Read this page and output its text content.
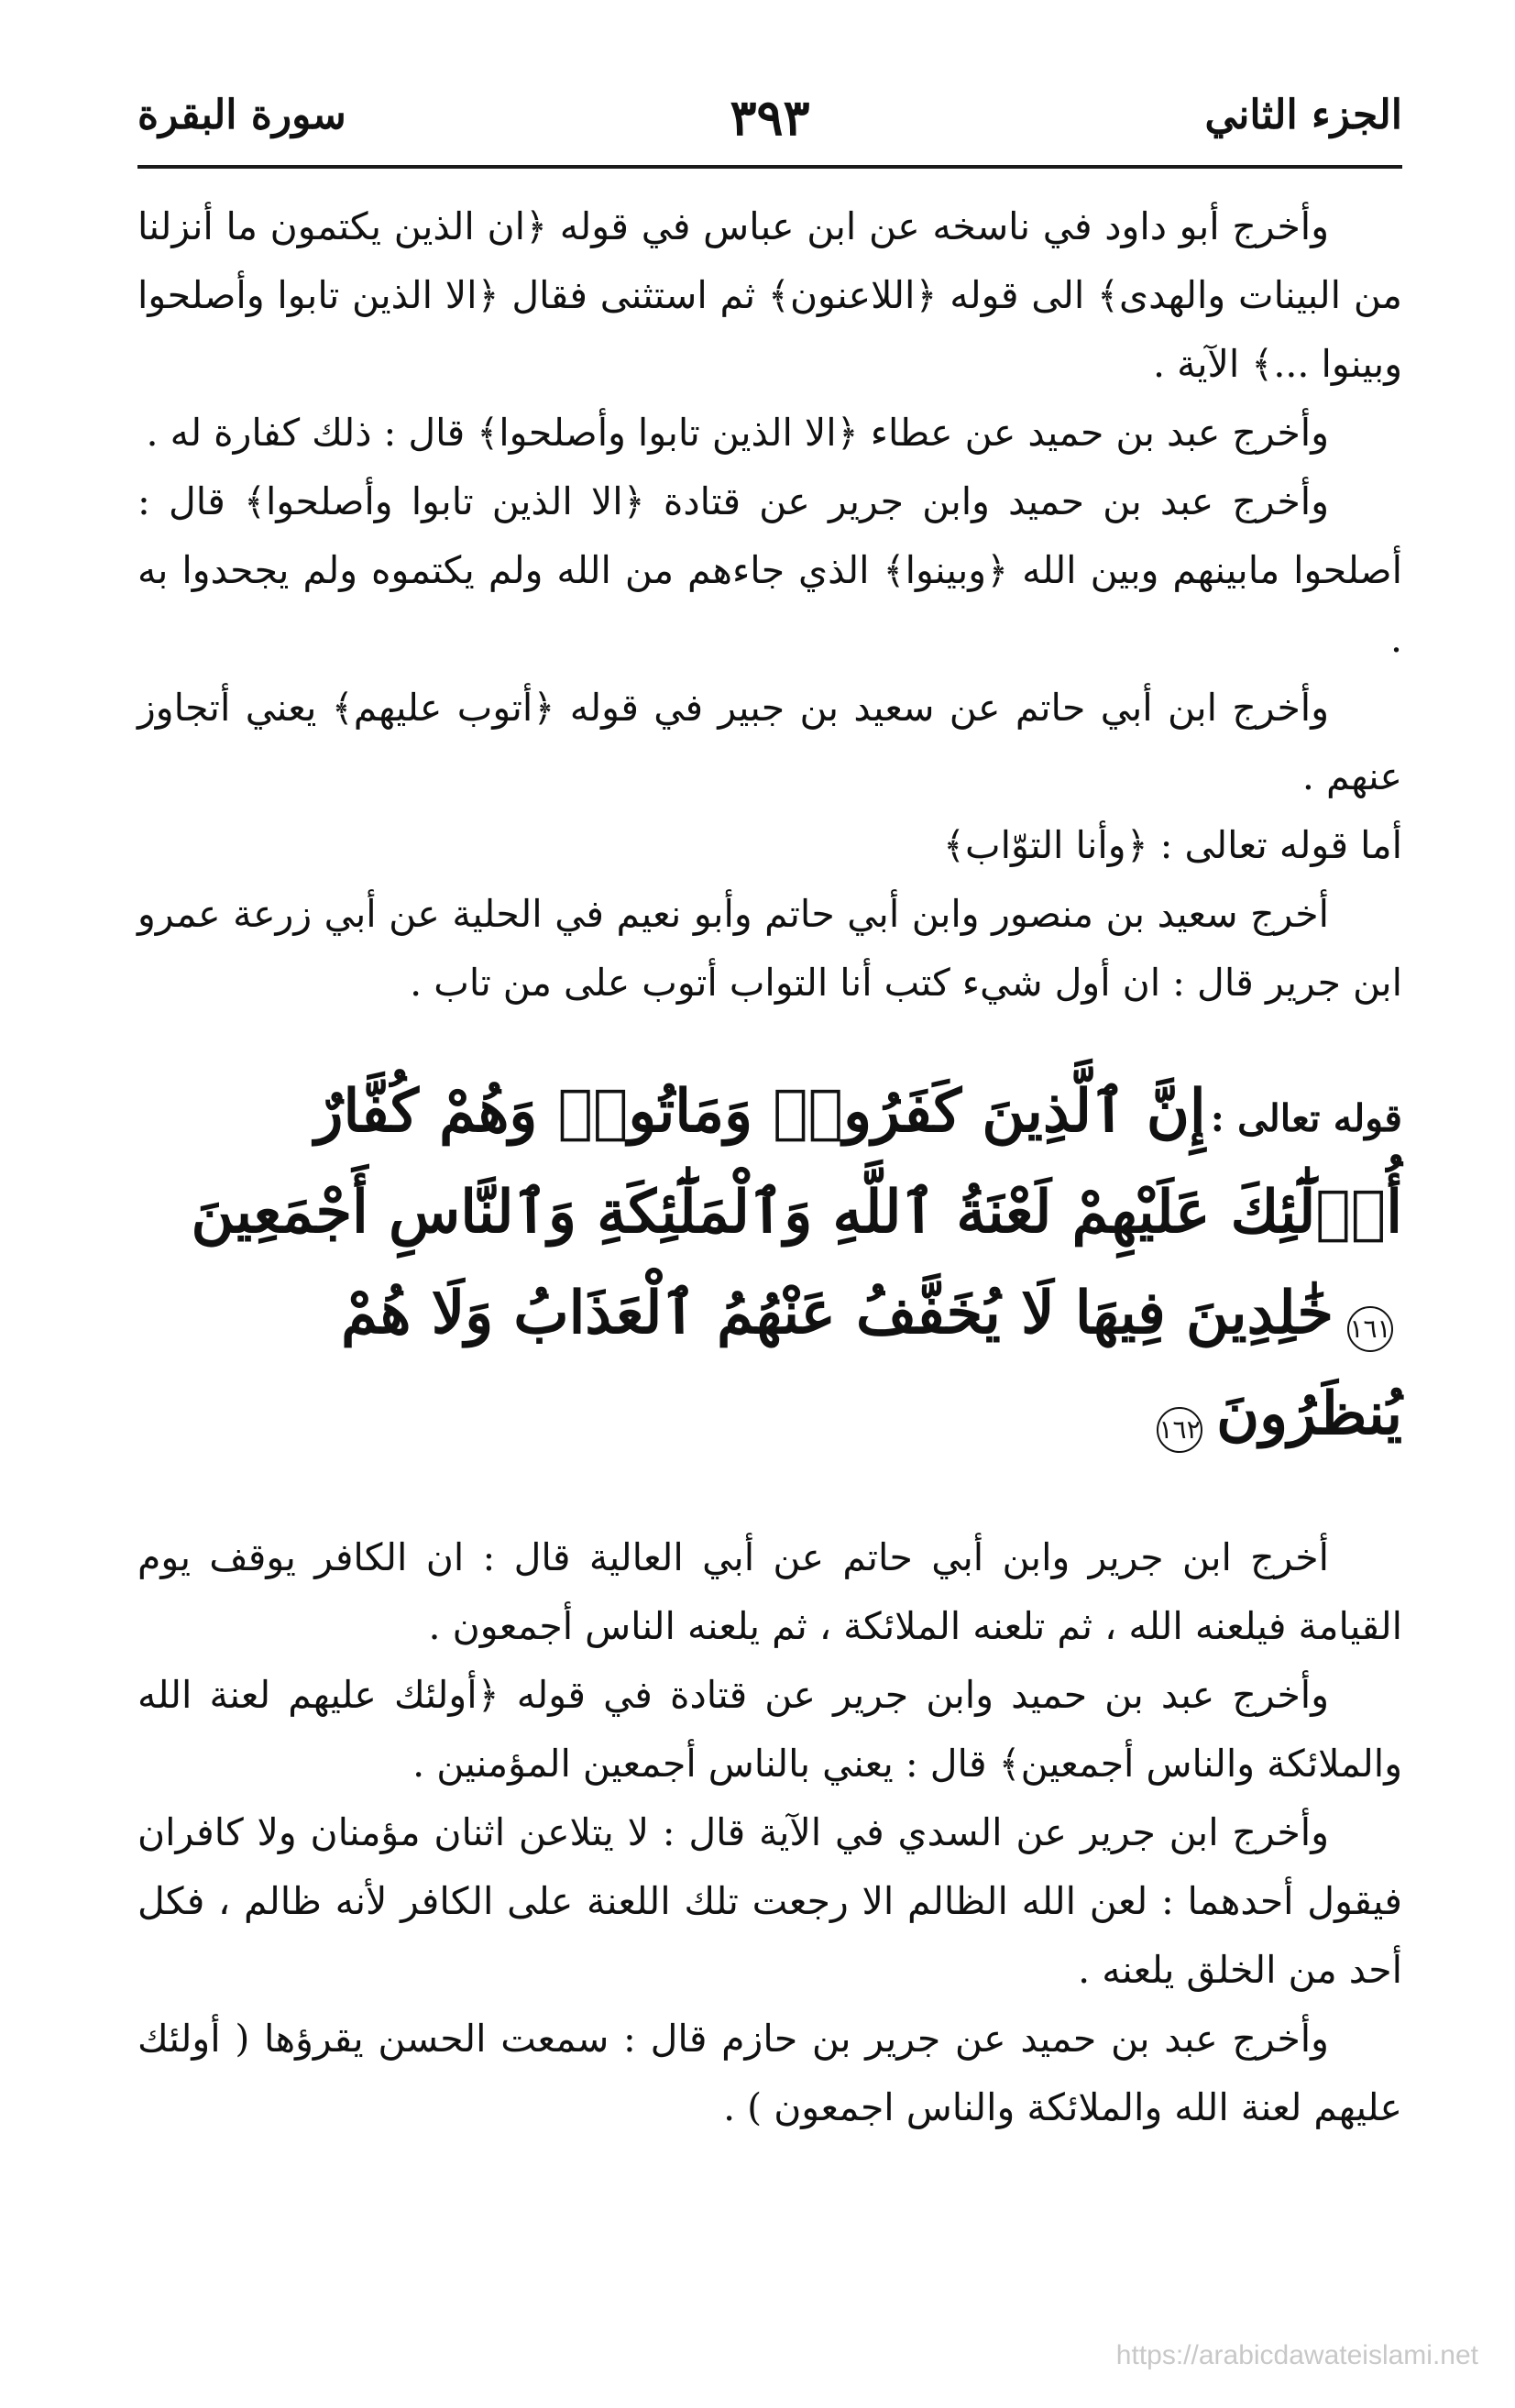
الجزء الثاني
٣٩٣
سورة البقرة

وأخرج أبو داود في ناسخه عن ابن عباس في قوله ﴿ان الذين يكتمون ما أنزلنا من البينات والهدى﴾ الى قوله ﴿اللاعنون﴾ ثم استثنى فقال ﴿الا الذين تابوا وأصلحوا وبينوا ...﴾ الآية .

وأخرج عبد بن حميد عن عطاء ﴿الا الذين تابوا وأصلحوا﴾ قال : ذلك كفارة له .

وأخرج عبد بن حميد وابن جرير عن قتادة ﴿الا الذين تابوا وأصلحوا﴾ قال : أصلحوا مابينهم وبين الله ﴿وبينوا﴾ الذي جاءهم من الله ولم يكتموه ولم يجحدوا به .

وأخرج ابن أبي حاتم عن سعيد بن جبير في قوله ﴿أتوب عليهم﴾ يعني أتجاوز عنهم .

أما قوله تعالى : ﴿وأنا التوّاب﴾

أخرج سعيد بن منصور وابن أبي حاتم وأبو نعيم في الحلية عن أبي زرعة عمرو ابن جرير قال : ان أول شيء كتب أنا التواب أتوب على من تاب .

قوله تعالى : إِنَّ ٱلَّذِينَ كَفَرُوا۟ وَمَاتُوا۟ وَهُمْ كُفَّارٌ أُو۟لَٰٓئِكَ عَلَيْهِمْ لَعْنَةُ ٱللَّهِ وَٱلْمَلَٰٓئِكَةِ وَٱلنَّاسِ أَجْمَعِينَ ١٦١ خَٰلِدِينَ فِيهَا لَا يُخَفَّفُ عَنْهُمُ ٱلْعَذَابُ وَلَا هُمْ يُنظَرُونَ ١٦٢

أخرج ابن جرير وابن أبي حاتم عن أبي العالية قال : ان الكافر يوقف يوم القيامة فيلعنه الله ، ثم تلعنه الملائكة ، ثم يلعنه الناس أجمعون .

وأخرج عبد بن حميد وابن جرير عن قتادة في قوله ﴿أولئك عليهم لعنة الله والملائكة والناس أجمعين﴾ قال : يعني بالناس أجمعين المؤمنين .

وأخرج ابن جرير عن السدي في الآية قال : لا يتلاعن اثنان مؤمنان ولا كافران فيقول أحدهما : لعن الله الظالم الا رجعت تلك اللعنة على الكافر لأنه ظالم ، فكل أحد من الخلق يلعنه .

وأخرج عبد بن حميد عن جرير بن حازم قال : سمعت الحسن يقرؤها ( أولئك عليهم لعنة الله والملائكة والناس اجمعون ) .

https://arabicdawateislami.net
